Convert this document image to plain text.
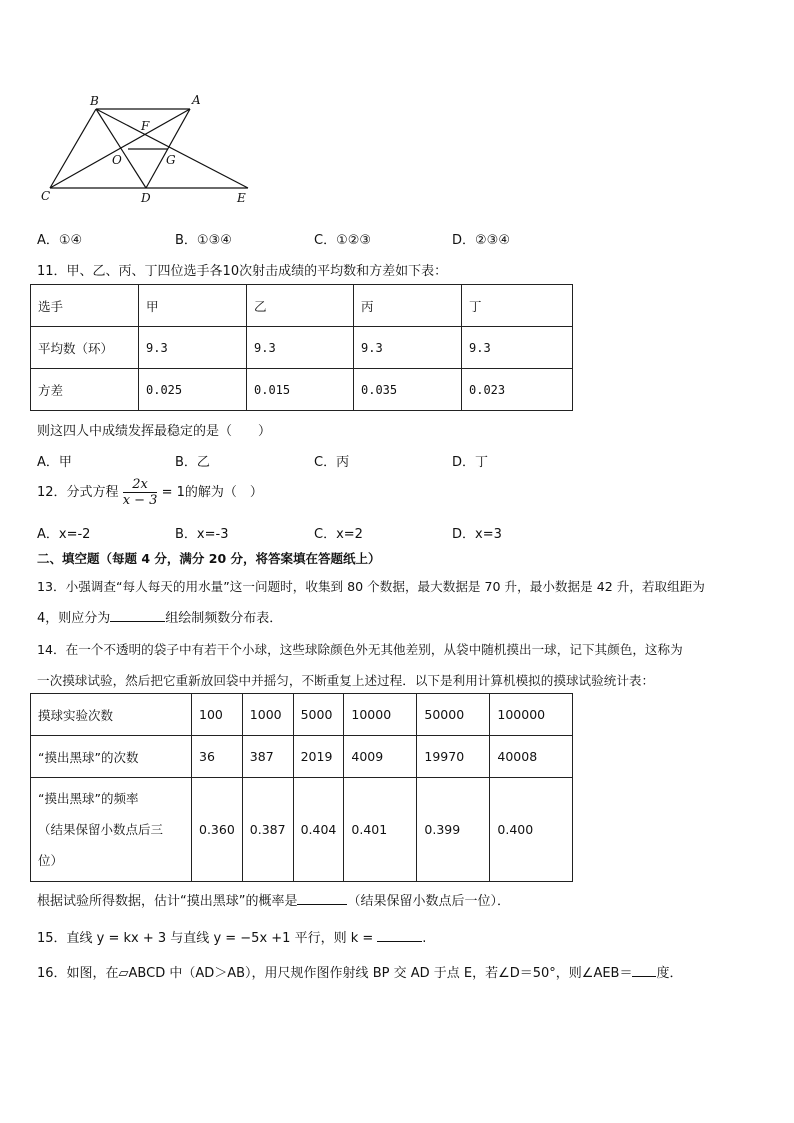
B	A
F
O	G
C	D	E
A．①④	B．①③④	C．①②③	D．②③④
11．甲、乙、丙、丁四位选手各10次射击成绩的平均数和方差如下表：
选手	甲	乙	丙	丁
平均数（环）	9.3	9.3	9.3	9.3
方差	0.025	0.015	0.035	0.023
则这四人中成绩发挥最稳定的是（　　）
A．甲	B．乙	C．丙	D．丁
12．分式方程 $\frac{2x}{x - 3} = 1$的解为（　）
A．x=-2	B．x=-3	C．x=2	D．x=3
二、填空题（每题 4 分，满分 20 分，将答案填在答题纸上）
13．小强调查“每人每天的用水量”这一问题时，收集到 80 个数据，最大数据是 70 升，最小数据是 42 升，若取组距为
4，则应分为	组绘制频数分布表．
14．在一个不透明的袋子中有若干个小球，这些球除颜色外无其他差别，从袋中随机摸出一球，记下其颜色，这称为
一次摸球试验，然后把它重新放回袋中并摇匀，不断重复上述过程．以下是利用计算机模拟的摸球试验统计表：
摸球实验次数	100	1000	5000	10000	50000	100000
“摸出黑球”的次数	36	387	2019	4009	19970	40008

“摸出黑球”的频率
（结果保留小数点后三
位）	0.360	0.387	0.404	0.401	0.399	0.400
根据试验所得数据，估计“摸出黑球”的概率是	（结果保留小数点后一位）．
15．直线 y = kx + 3 与直线 y = −5x +1 平行，则 k =	.
16．如图，在▱ABCD 中（AD＞AB），用尺规作图作射线 BP 交 AD 于点 E，若∠D＝50°，则∠AEB＝ 度．
